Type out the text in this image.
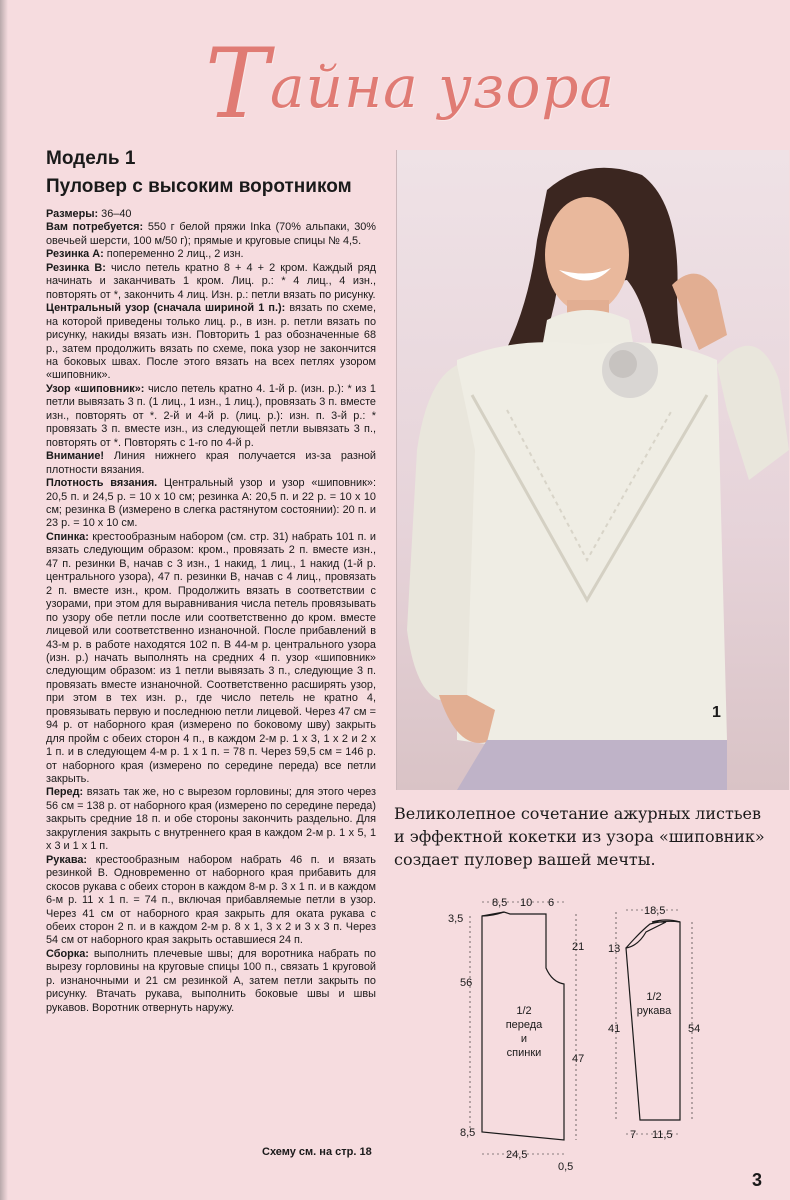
Тайна узора
Модель 1
Пуловер с высоким воротником

Размеры: 36–40

Вам потребуется: 550 г белой пряжи Inka (70% альпаки, 30% овечьей шерсти, 100 м/50 г); прямые и круговые спицы № 4,5.

Резинка А: попеременно 2 лиц., 2 изн.

Резинка В: число петель кратно 8 + 4 + 2 кром. Каждый ряд начинать и заканчивать 1 кром. Лиц. р.: * 4 лиц., 4 изн., повторять от *, закончить 4 лиц. Изн. р.: петли вязать по рисунку.

Центральный узор (сначала шириной 1 п.): вязать по схеме, на которой приведены только лиц. р., в изн. р. петли вязать по рисунку, накиды вязать изн. Повторить 1 раз обозначенные 68 р., затем продолжить вязать по схеме, пока узор не закончится на боковых швах. После этого вязать на всех петлях узором «шиповник».

Узор «шиповник»: число петель кратно 4. 1-й р. (изн. р.): * из 1 петли вывязать 3 п. (1 лиц., 1 изн., 1 лиц.), провязать 3 п. вместе изн., повторять от *. 2-й и 4-й р. (лиц. р.): изн. п. 3-й р.: * провязать 3 п. вместе изн., из следующей петли вывязать 3 п., повторять от *. Повторять с 1-го по 4-й р.

Внимание! Линия нижнего края получается из-за разной плотности вязания.

Плотность вязания. Центральный узор и узор «шиповник»: 20,5 п. и 24,5 р. = 10 х 10 см; резинка А: 20,5 п. и 22 р. = 10 х 10 см; резинка В (измерено в слегка растянутом состоянии): 20 п. и 23 р. = 10 х 10 см.

Спинка: крестообразным набором (см. стр. 31) набрать 101 п. и вязать следующим образом: кром., провязать 2 п. вместе изн., 47 п. резинки В, начав с 3 изн., 1 накид, 1 лиц., 1 накид (1-й р. центрального узора), 47 п. резинки В, начав с 4 лиц., провязать 2 п. вместе изн., кром. Продолжить вязать в соответствии с узорами, при этом для выравнивания числа петель провязывать по узору обе петли после или соответственно до кром. вместе лицевой или соответственно изнаночной. После прибавлений в 43-м р. в работе находятся 102 п. В 44-м р. центрального узора (изн. р.) начать выполнять на средних 4 п. узор «шиповник» следующим образом: из 1 петли вывязать 3 п., следующие 3 п. провязать вместе изнаночной. Соответственно расширять узор, при этом в тех изн. р., где число петель не кратно 4, провязывать первую и последнюю петли лицевой. Через 47 см = 94 р. от наборного края (измерено по боковому шву) закрыть для пройм с обеих сторон 4 п., в каждом 2-м р. 1 х 3, 1 х 2 и 2 х 1 п. и в следующем 4-м р. 1 х 1 п. = 78 п. Через 59,5 см = 146 р. от наборного края (измерено по середине переда) все петли закрыть.

Перед: вязать так же, но с вырезом горловины; для этого через 56 см = 138 р. от наборного края (измерено по середине переда) закрыть средние 18 п. и обе стороны закончить раздельно. Для закругления закрыть с внутреннего края в каждом 2-м р. 1 х 5, 1 х 3 и 1 х 1 п.

Рукава: крестообразным набором набрать 46 п. и вязать резинкой В. Одновременно от наборного края прибавить для скосов рукава с обеих сторон в каждом 8-м р. 3 х 1 п. и в каждом 6-м р. 11 х 1 п. = 74 п., включая прибавляемые петли в узор. Через 41 см от наборного края закрыть для оката рукава с обеих сторон 2 п. и в каждом 2-м р. 8 х 1, 3 х 2 и 3 х 3 п. Через 54 см от наборного края закрыть оставшиеся 24 п.

Сборка: выполнить плечевые швы; для воротника набрать по вырезу горловины на круговые спицы 100 п., связать 1 круговой р. изнаночными и 21 см резинкой А, затем петли закрыть по рисунку. Втачать рукава, выполнить боковые швы и швы рукавов. Воротник отвернуть наружу.

Схему см. на стр. 18
1
Великолепное сочетание ажурных листьев
и эффектной кокетки из узора «шиповник»
создает пуловер вашей мечты.
8,5 10 6
3,5
21
56
47
1/2
переда
и
спинки
8,5
24,5
0,5
18,5
13
41	54
1/2
рукава
7 11,5
3
